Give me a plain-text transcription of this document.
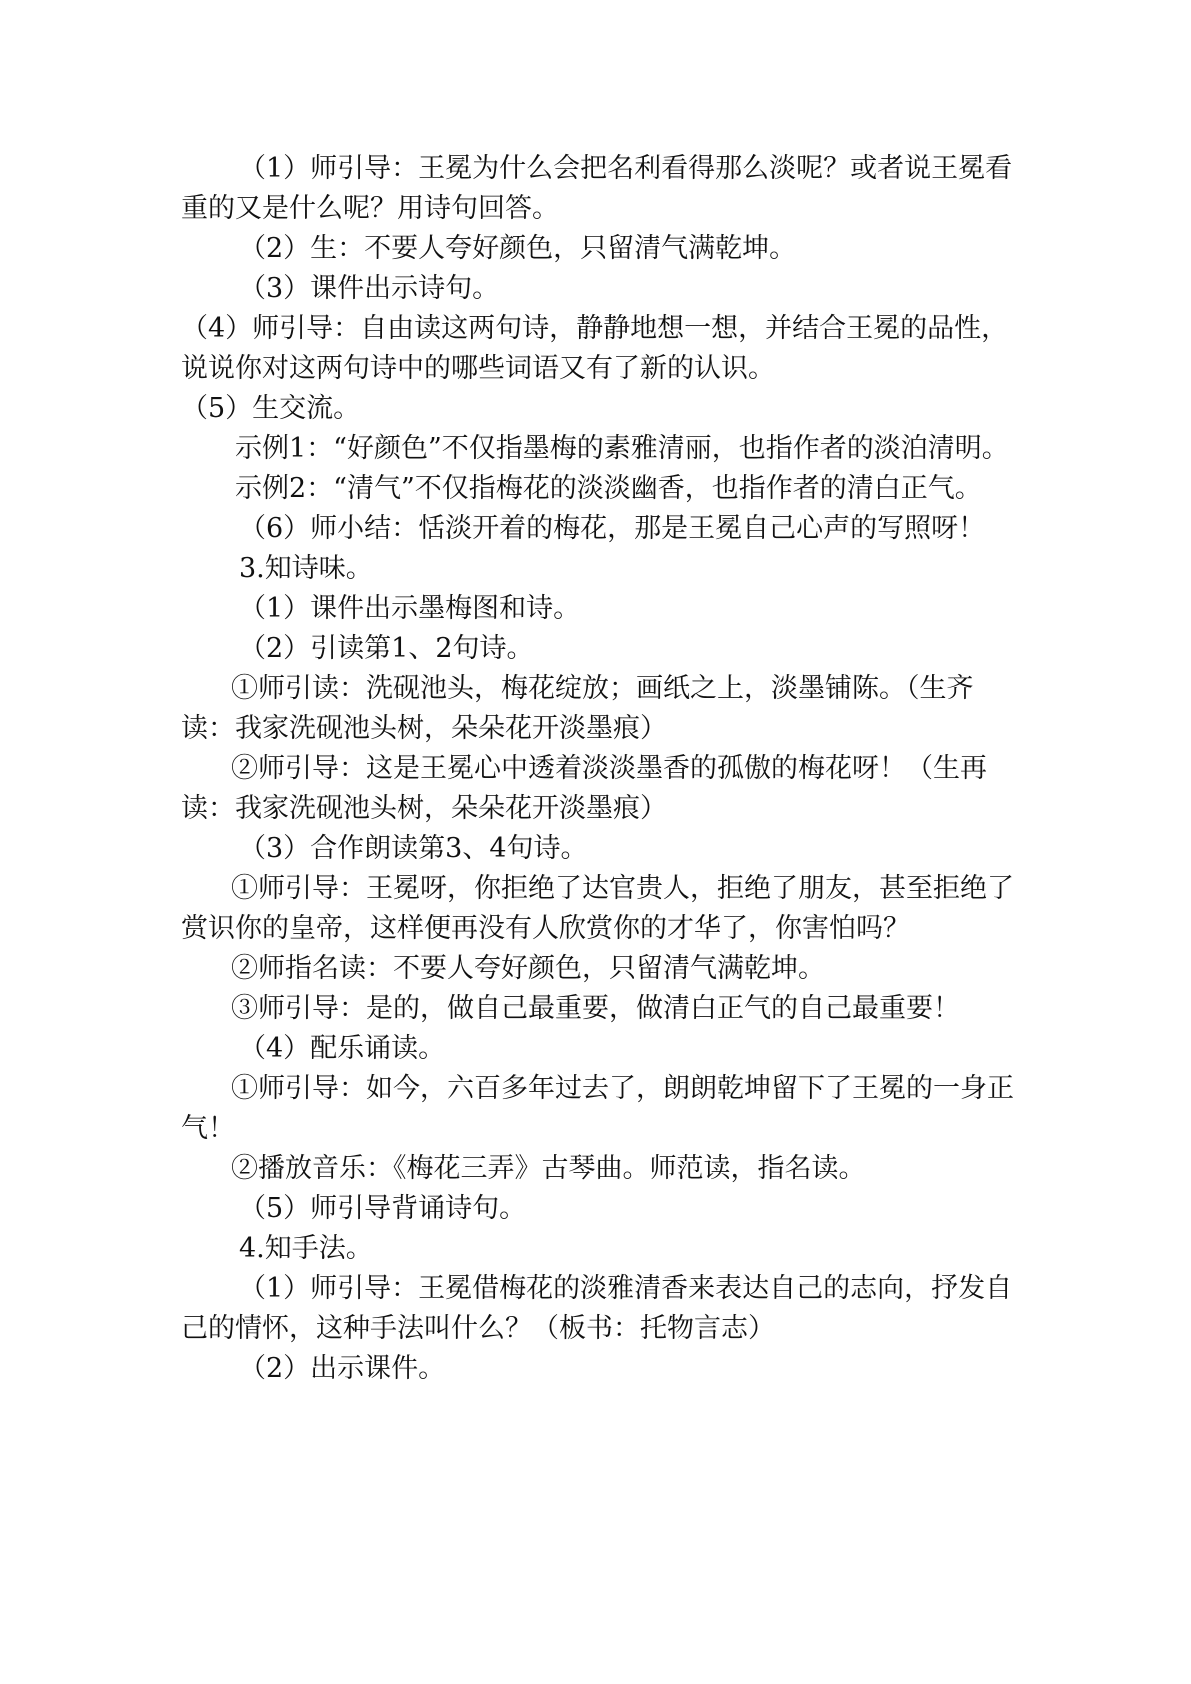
（1）师引导：王冕为什么会把名利看得那么淡呢？或者说王冕看重的又是什么呢？用诗句回答。

（2）生：不要人夸好颜色，只留清气满乾坤。

（3）课件出示诗句。

（4）师引导：自由读这两句诗，静静地想一想，并结合王冕的品性，说说你对这两句诗中的哪些词语又有了新的认识。

（5）生交流。

示例1：“好颜色”不仅指墨梅的素雅清丽，也指作者的淡泊清明。

示例2：“清气”不仅指梅花的淡淡幽香，也指作者的清白正气。

（6）师小结：恬淡开着的梅花，那是王冕自己心声的写照呀！

3.知诗味。

（1）课件出示墨梅图和诗。

（2）引读第1、2句诗。

①师引读：洗砚池头，梅花绽放；画纸之上，淡墨铺陈。（生齐读：我家洗砚池头树，朵朵花开淡墨痕）

②师引导：这是王冕心中透着淡淡墨香的孤傲的梅花呀！（生再读：我家洗砚池头树，朵朵花开淡墨痕）

（3）合作朗读第3、4句诗。

①师引导：王冕呀，你拒绝了达官贵人，拒绝了朋友，甚至拒绝了赏识你的皇帝，这样便再没有人欣赏你的才华了，你害怕吗？

②师指名读：不要人夸好颜色，只留清气满乾坤。

③师引导：是的，做自己最重要，做清白正气的自己最重要！

（4）配乐诵读。

①师引导：如今，六百多年过去了，朗朗乾坤留下了王冕的一身正气！

②播放音乐：《梅花三弄》古琴曲。师范读，指名读。

（5）师引导背诵诗句。

4.知手法。

（1）师引导：王冕借梅花的淡雅清香来表达自己的志向，抒发自己的情怀，这种手法叫什么？（板书：托物言志）

（2）出示课件。
